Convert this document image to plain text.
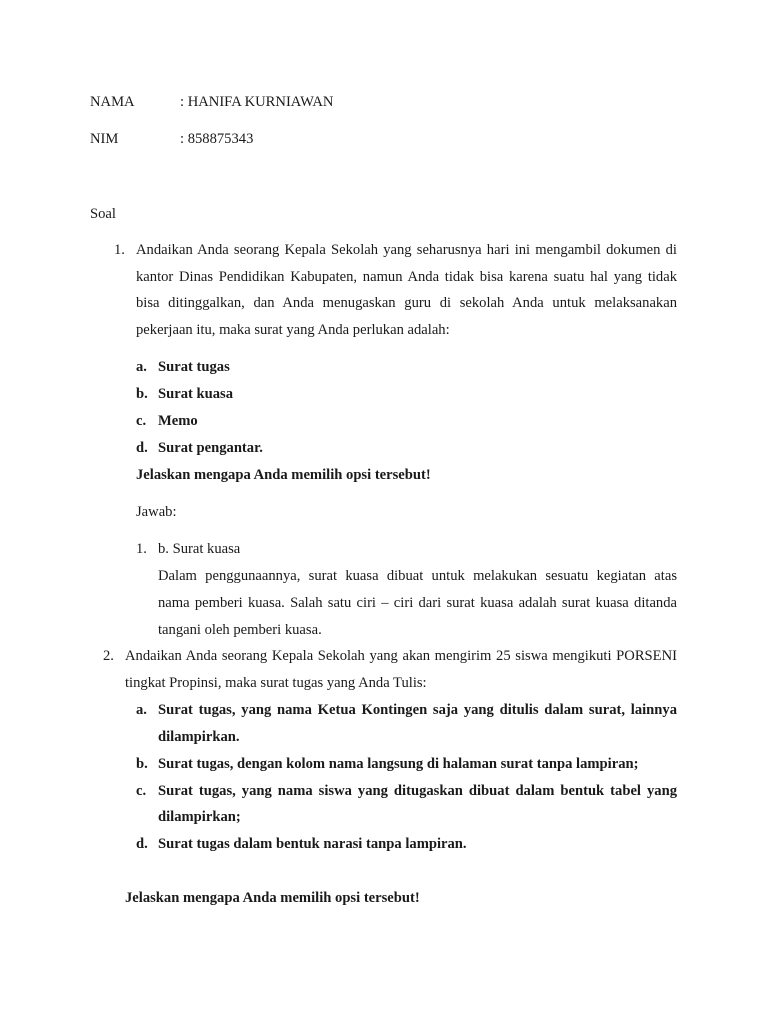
NAMA	: HANIFA KURNIAWAN
NIM	: 858875343
Soal
1. Andaikan Anda seorang Kepala Sekolah yang seharusnya hari ini mengambil dokumen di
kantor Dinas Pendidikan Kabupaten, namun Anda tidak bisa karena suatu hal yang tidak
bisa ditinggalkan, dan Anda menugaskan guru di sekolah Anda untuk melaksanakan
pekerjaan itu, maka surat yang Anda perlukan adalah:
a. Surat tugas
b. Surat kuasa
c. Memo
d. Surat pengantar.
Jelaskan mengapa Anda memilih opsi tersebut!
Jawab:
1. b. Surat kuasa
Dalam penggunaannya, surat kuasa dibuat untuk melakukan sesuatu kegiatan atas
nama pemberi kuasa. Salah satu ciri – ciri dari surat kuasa adalah surat kuasa ditanda
tangani oleh pemberi kuasa.
2. Andaikan Anda seorang Kepala Sekolah yang akan mengirim 25 siswa mengikuti PORSENI
tingkat Propinsi, maka surat tugas yang Anda Tulis:
a. Surat tugas, yang nama Ketua Kontingen saja yang ditulis dalam surat, lainnya
dilampirkan.
b. Surat tugas, dengan kolom nama langsung di halaman surat tanpa lampiran;
c. Surat tugas, yang nama siswa yang ditugaskan dibuat dalam bentuk tabel yang
dilampirkan;
d. Surat tugas dalam bentuk narasi tanpa lampiran.
Jelaskan mengapa Anda memilih opsi tersebut!
